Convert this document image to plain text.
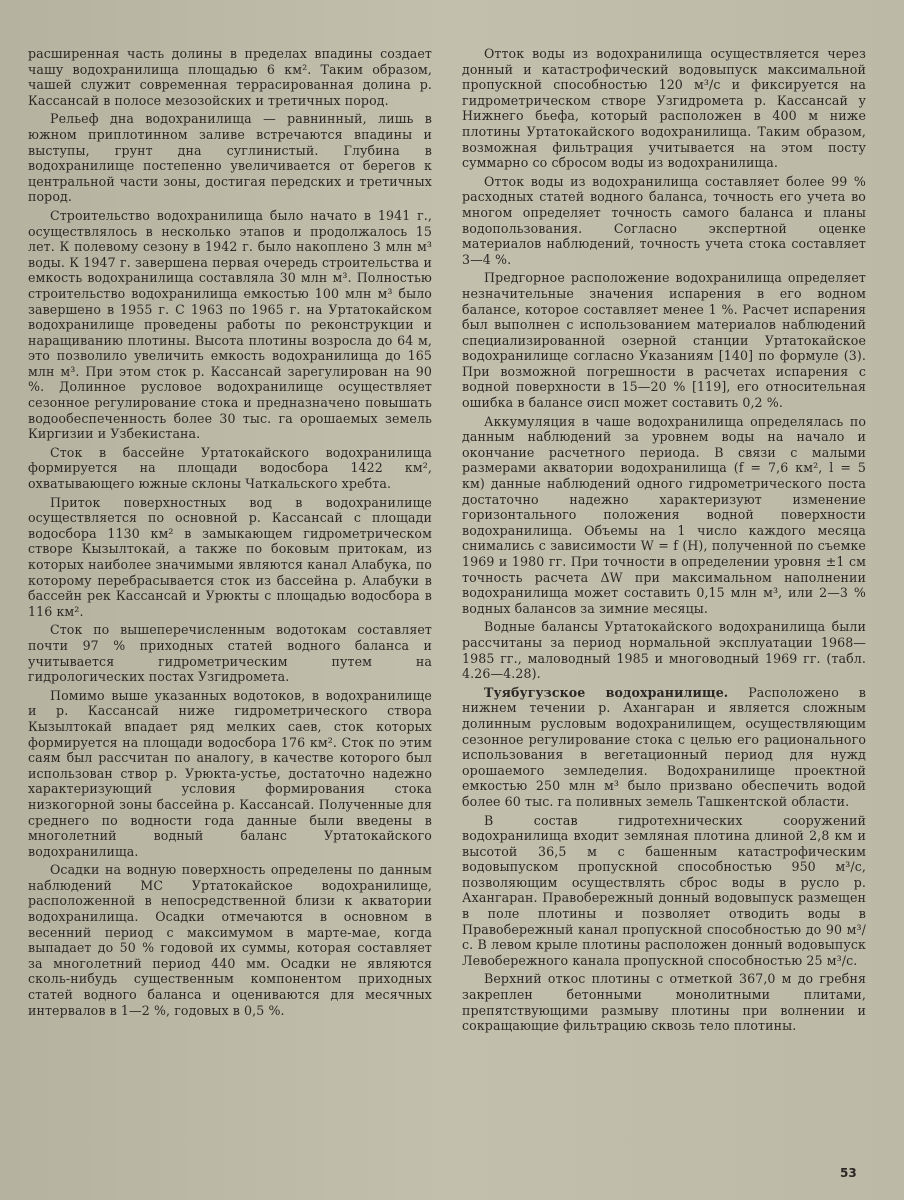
расширенная часть долины в пределах впадины создает чашу водохранилища площадью 6 км². Таким образом, чашей служит современная террасированная долина р. Кассансай в полосе мезозойских и третичных пород.

Рельеф дна водохранилища — равнинный, лишь в южном приплотинном заливе встречаются впадины и выступы, грунт дна суглинистый. Глубина в водохранилище постепенно увеличивается от берегов к центральной части зоны, достигая передских и третичных пород.

Строительство водохранилища было начато в 1941 г., осуществлялось в несколько этапов и продолжалось 15 лет. К полевому сезону в 1942 г. было накоплено 3 млн м³ воды. К 1947 г. завершена первая очередь строительства и емкость водохранилища составляла 30 млн м³. Полностью строительство водохранилища емкостью 100 млн м³ было завершено в 1955 г. С 1963 по 1965 г. на Уртатокайском водохранилище проведены работы по реконструкции и наращиванию плотины. Высота плотины возросла до 64 м, это позволило увеличить емкость водохранилища до 165 млн м³. При этом сток р. Кассансай зарегулирован на 90 %. Долинное русловое водохранилище осуществляет сезонное регулирование стока и предназначено повышать водообеспеченность более 30 тыс. га орошаемых земель Киргизии и Узбекистана.

Сток в бассейне Уртатокайского водохранилища формируется на площади водосбора 1422 км², охватывающего южные склоны Чаткальского хребта.

Приток поверхностных вод в водохранилище осуществляется по основной р. Кассансай с площади водосбора 1130 км² в замыкающем гидрометрическом створе Кызылтокай, а также по боковым притокам, из которых наиболее значимыми являются канал Алабука, по которому перебрасывается сток из бассейна р. Алабуки в бассейн рек Кассансай и Урюкты с площадью водосбора в 116 км².

Сток по вышеперечисленным водотокам составляет почти 97 % приходных статей водного баланса и учитывается гидрометрическим путем на гидрологических постах Узгидромета.

Помимо выше указанных водотоков, в водохранилище и р. Кассансай ниже гидрометрического створа Кызылтокай впадает ряд мелких саев, сток которых формируется на площади водосбора 176 км². Сток по этим саям был рассчитан по аналогу, в качестве которого был использован створ р. Урюкта-устье, достаточно надежно характеризующий условия формирования стока низкогорной зоны бассейна р. Кассансай. Полученные для среднего по водности года данные были введены в многолетний водный баланс Уртатокайского водохранилища.

Осадки на водную поверхность определены по данным наблюдений МС Уртатокайское водохранилище, расположенной в непосредственной близи к акватории водохранилища. Осадки отмечаются в основном в весенний период с максимумом в марте-мае, когда выпадает до 50 % годовой их суммы, которая составляет за многолетний период 440 мм. Осадки не являются сколь-нибудь существенным компонентом приходных статей водного баланса и оцениваются для месячных интервалов в 1—2 %, годовых в 0,5 %.

Отток воды из водохранилища осуществляется через донный и катастрофический водовыпуск максимальной пропускной способностью 120 м³/с и фиксируется на гидрометрическом створе Узгидромета р. Кассансай у Нижнего бьефа, который расположен в 400 м ниже плотины Уртатокайского водохранилища. Таким образом, возможная фильтрация учитывается на этом посту суммарно со сбросом воды из водохранилища.

Отток воды из водохранилища составляет более 99 % расходных статей водного баланса, точность его учета во многом определяет точность самого баланса и планы водопользования. Согласно экспертной оценке материалов наблюдений, точность учета стока составляет 3—4 %.

Предгорное расположение водохранилища определяет незначительные значения испарения в его водном балансе, которое составляет менее 1 %. Расчет испарения был выполнен с использованием материалов наблюдений специализированной озерной станции Уртатокайское водохранилище согласно Указаниям [140] по формуле (3). При возможной погрешности в расчетах испарения с водной поверхности в 15—20 % [119], его относительная ошибка в балансе σисп может составить 0,2 %.

Аккумуляция в чаше водохранилища определялась по данным наблюдений за уровнем воды на начало и окончание расчетного периода. В связи с малыми размерами акватории водохранилища (f = 7,6 км², l = 5 км) данные наблюдений одного гидрометрического поста достаточно надежно характеризуют изменение горизонтального положения водной поверхности водохранилища. Объемы на 1 число каждого месяца снимались с зависимости W = f (H), полученной по съемке 1969 и 1980 гг. При точности в определении уровня ±1 см точность расчета ΔW при максимальном наполнении водохранилища может составить 0,15 млн м³, или 2—3 % водных балансов за зимние месяцы.

Водные балансы Уртатокайского водохранилища были рассчитаны за период нормальной эксплуатации 1968—1985 гг., маловодный 1985 и многоводный 1969 гг. (табл. 4.26—4.28).

Туябугузское водохранилище. Расположено в нижнем течении р. Ахангаран и является сложным долинным русловым водохранилищем, осуществляющим сезонное регулирование стока с целью его рационального использования в вегетационный период для нужд орошаемого земледелия. Водохранилище проектной емкостью 250 млн м³ было призвано обеспечить водой более 60 тыс. га поливных земель Ташкентской области.

В состав гидротехнических сооружений водохранилища входит земляная плотина длиной 2,8 км и высотой 36,5 м с башенным катастрофическим водовыпуском пропускной способностью 950 м³/с, позволяющим осуществлять сброс воды в русло р. Ахангаран. Правобережный донный водовыпуск размещен в поле плотины и позволяет отводить воды в Правобережный канал пропускной способностью до 90 м³/с. В левом крыле плотины расположен донный водовыпуск Левобережного канала пропускной способностью 25 м³/с.

Верхний откос плотины с отметкой 367,0 м до гребня закреплен бетонными монолитными плитами, препятствующими размыву плотины при волнении и сокращающие фильтрацию сквозь тело плотины.

53
